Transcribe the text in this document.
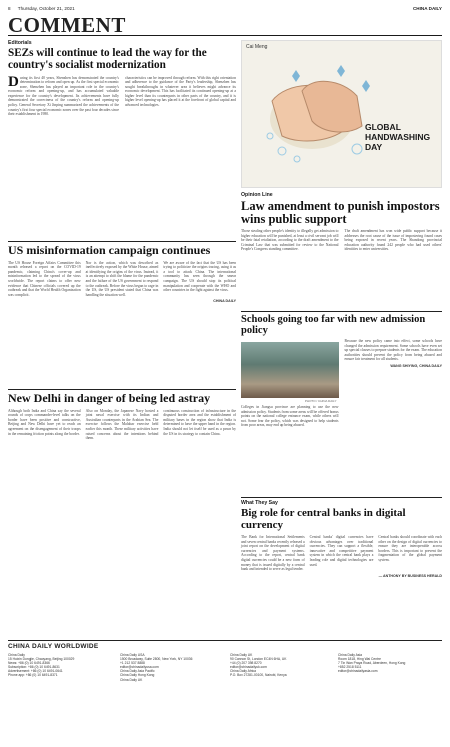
8 Thursday, October 21, 2021	CHINA DAILY
COMMENT
Editorials
SEZs will continue to lead the way for the country's socialist modernization
During its first 40 years, Shenzhen has demonstrated the country's determination to reform and open up. As the first special economic zone, Shenzhen has played an important role in the country's economic reform and opening-up, and has accumulated valuable experience for the country's development. Its achievements have fully demonstrated the correctness of the country's reform and opening-up policy. General Secretary Xi Jinping summarized the achievements of the country's first four special economic zones over the past four decades since their establishment in 1980.
characteristics can be improved through reform. With this right orientation and adherence to the guidance of the Party's leadership, Shenzhen has sought breakthroughs in whatever area it believes might advance its economic development. This has facilitated its continued opening-up at a higher level than its counterparts in other parts of the country, and it is higher level opening-up has placed it at the forefront of global capital and advanced technologies.
Cai Meng
GLOBAL HANDWASHING DAY
Opinion Line
Law amendment to punish impostors wins public support
Those stealing other people's identity to illegally get admission to higher education will be punished, at least a civil servant job will be their fatal retaliation, according to the draft amendment to the Criminal Law that was submitted for review to the National People's Congress standing committee.
The draft amendment has won wide public support because it addresses the root cause of the issue of impostering found cases being exposed in recent years. The Shandong provincial education authority found 242 people who had used others' identities to enter universities.
US misinformation campaign continues
The US House Foreign Affairs Committee this month released a report on the COVID-19 pandemic, claiming China's cover-up and misinformation led to the spread of the virus worldwide. The report claims to offer new evidence that Chinese officials covered up the outbreak and that the World Health Organization was complicit.
Nor is the action, which was described as ineffectively exposed by the White House, aimed at identifying the origins of the virus. Instead, it is an attempt to shift the blame for the pandemic and the failure of the US government to respond to the outbreak. Before the virus began to rage in the US, the US president stated that China was handling the situation well.
We are aware of the fact that the US has been trying to politicize the origins tracing, using it as a tool to attack China. The international community has seen through the smear campaign. The US should stop its political manipulation and cooperate with the WHO and other countries in the fight against the virus.
CHINA DAILY
New Delhi in danger of being led astray
Although both India and China say the several rounds of corps commander-level talks on the border have been positive and constructive, Beijing and New Delhi have yet to reach an agreement on the disengagement of their troops in the remaining friction points along the border.
Also on Monday, the Japanese Navy hosted a joint naval exercise with its Indian and Australian counterparts in the Arabian Sea. The exercise follows the Malabar exercise held earlier this month. These military activities have raised concerns about the intentions behind them.
continuous construction of infrastructure in the disputed border area and the establishment of military bases in the region show that India is determined to have the upper hand in the region. India should not let itself be used as a pawn by the US in its strategy to contain China.
Schools going too far with new admission policy
PHOTO / CHINA DAILY
Colleges in Jiangsu province are planning to use the new admission policy. Students from some areas will be offered bonus points on the national college entrance exam, while others will not. Some fear the policy, which was designed to help students from poor areas, may end up being abused.
Because the new policy came into effect, some schools have changed the admission requirement. Some schools have even set up special classes to prepare students for the exam. The education authorities should prevent the policy from being abused and ensure fair treatment for all students.
WANG SHIYING, CHINA DAILY
What They Say
Big role for central banks in digital currency
The Bank for International Settlements and seven central banks recently released a joint report on the development of digital currencies and payment systems. According to the report, central bank digital currencies could be a new form of money that is issued digitally by a central bank and intended to serve as legal tender.
Central banks' digital currencies have obvious advantages over traditional currencies. They can support a flexible, innovative and competitive payment system in which the central bank plays a leading role and digital technologies are used.
Central banks should coordinate with each other on the design of digital currencies to ensure they are interoperable across borders. This is important to prevent the fragmentation of the global payment system.
— ANTHONY BY BUSINESS HERALD
CHINA DAILY WORLDWIDE
China Daily
15 Huixin Dongjie, Chaoyang, Beijing 100029
News: +86 (0) 10 6491-8366
Subscription: +86 (0) 10 6491-8631
Advertisement: +86 (0) 10 6491-0641
Phone app: +86 (0) 10 6491-8371
China Daily USA
1500 Broadway, Suite 2800, New York, NY 10036
+1 212 537 8888
editor@chinadailyusa.com
China Daily Asia Pacific
China Daily Hong Kong
China Daily UK
China Daily UK
90 Cannon St, London EC4N 6HA, UK
+44 (0) 207 398 8270
editor@chinadailyuk.com
China Daily Africa
P.O. Box 27281-00100, Nairobi, Kenya
China Daily Asia
Room 1818, Hing Wai Centre
7 Tin Wan Praya Road, Aberdeen, Hong Kong
+852 2518 5111
editor@chinadailyasia.com
